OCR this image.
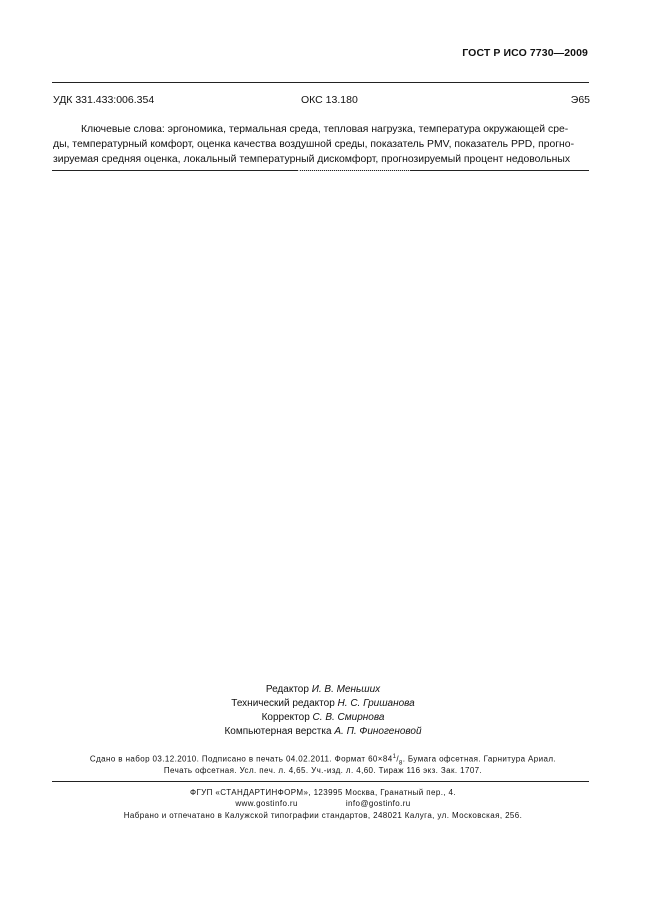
ГОСТ Р ИСО 7730—2009
УДК 331.433:006.354	ОКС 13.180	Э65

Ключевые слова: эргономика, термальная среда, тепловая нагрузка, температура окружающей сре-
ды, температурный комфорт, оценка качества воздушной среды, показатель PMV, показатель PPD, прогно-
зируемая средняя оценка, локальный температурный дискомфорт, прогнозируемый процент недовольных

Редактор И. В. Меньших
Технический редактор Н. С. Гришанова
Корректор С. В. Смирнова
Компьютерная верстка А. П. Финогеновой
Сдано в набор 03.12.2010. Подписано в печать 04.02.2011. Формат $60\times 84^1/_8$. Бумага офсетная. Гарнитура Ариал.
Печать офсетная. Усл. печ. л. 4,65. Уч.-изд. л. 4,60. Тираж 116 экз. Зак. 1707.
ФГУП «СТАНДАРТИНФОРМ», 123995 Москва, Гранатный пер., 4.
www.gostinfo.ru	info@gostinfo.ru
Набрано и отпечатано в Калужской типографии стандартов, 248021 Калуга, ул. Московская, 256.
